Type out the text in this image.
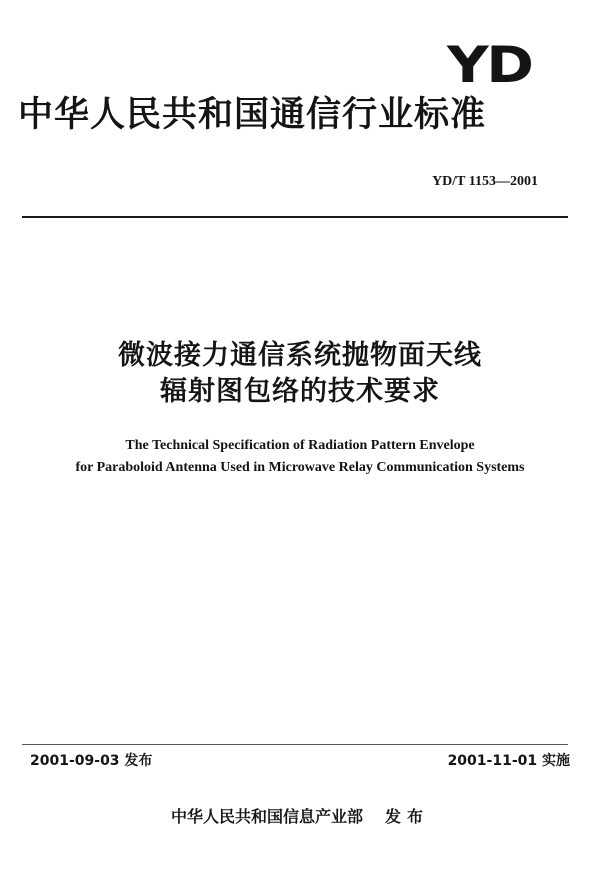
YD
中华人民共和国通信行业标准
YD/T 1153—2001
微波接力通信系统抛物面天线
辐射图包络的技术要求
The Technical Specification of Radiation Pattern Envelope
for Paraboloid Antenna Used in Microwave Relay Communication Systems
2001-09-03 发布	2001-11-01 实施
中华人民共和国信息产业部 发布
